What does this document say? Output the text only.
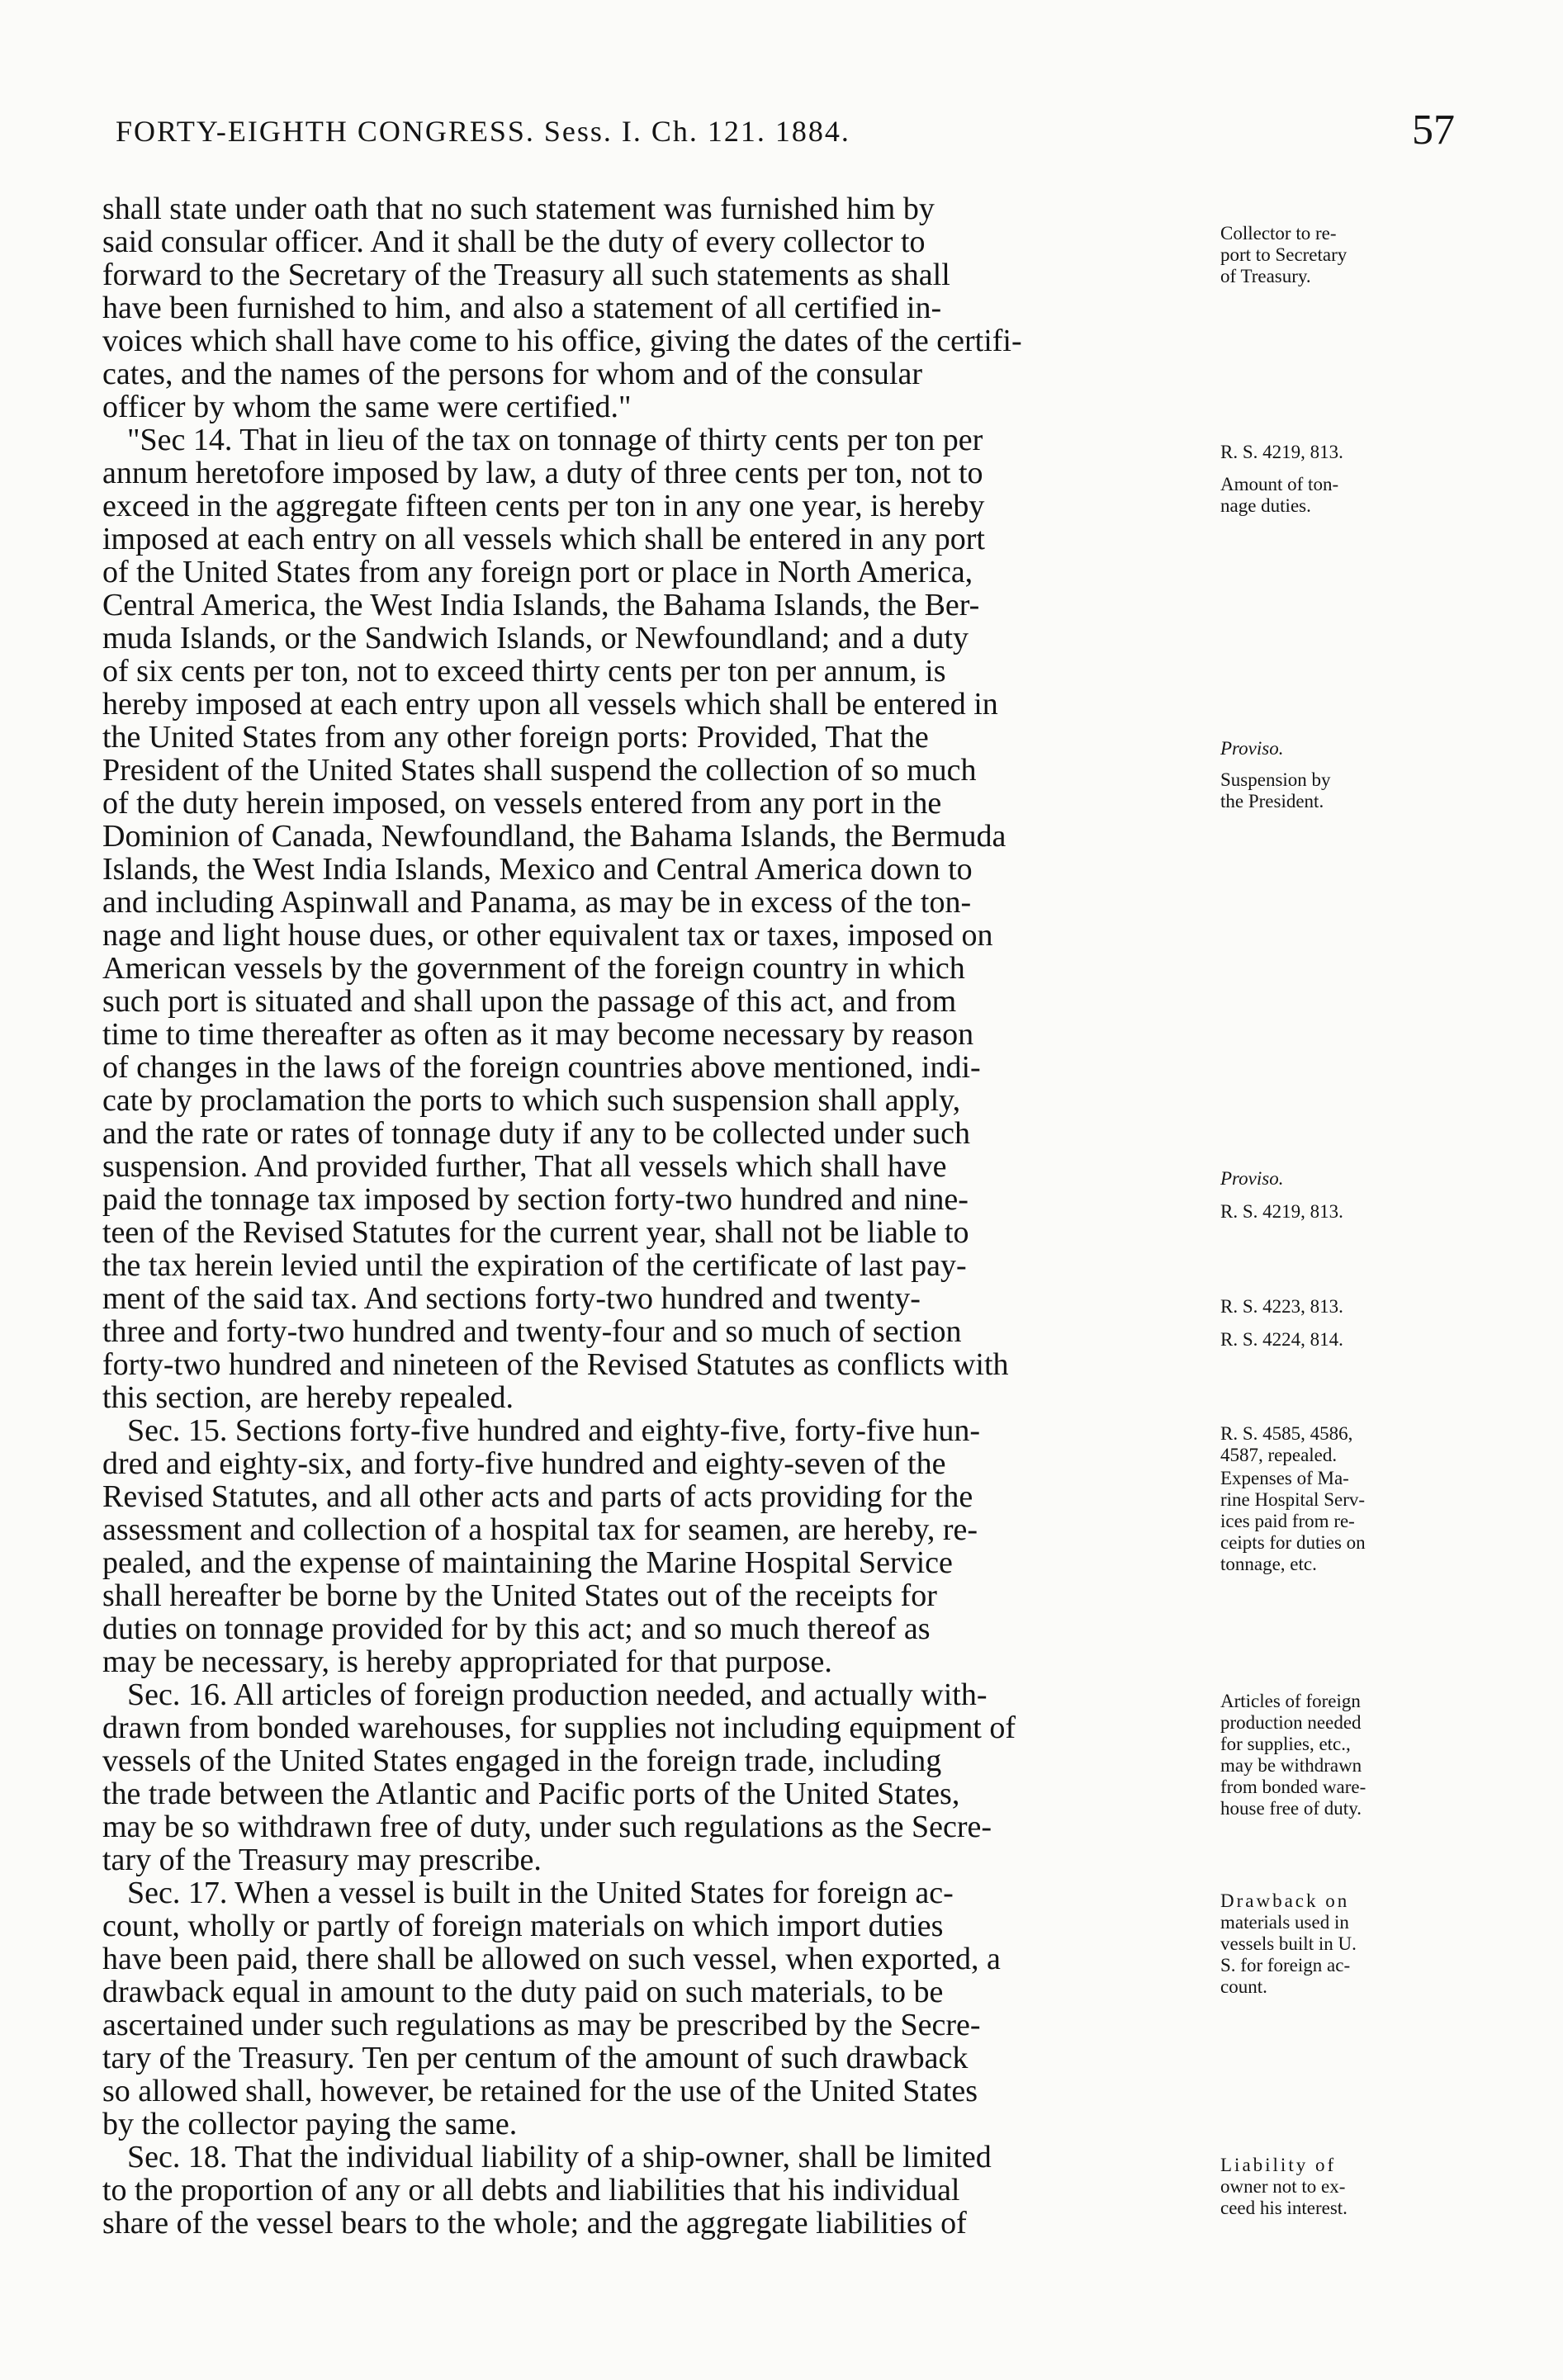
FORTY-EIGHTH CONGRESS. Sess. I. Ch. 121. 1884.	57
shall state under oath that no such statement was furnished him by
said consular officer. And it shall be the duty of every collector to
forward to the Secretary of the Treasury all such statements as shall
have been furnished to him, and also a statement of all certified in-
voices which shall have come to his office, giving the dates of the certifi-
cates, and the names of the persons for whom and of the consular
officer by whom the same were certified."
"Sec 14. That in lieu of the tax on tonnage of thirty cents per ton per
annum heretofore imposed by law, a duty of three cents per ton, not to
exceed in the aggregate fifteen cents per ton in any one year, is hereby
imposed at each entry on all vessels which shall be entered in any port
of the United States from any foreign port or place in North America,
Central America, the West India Islands, the Bahama Islands, the Ber-
muda Islands, or the Sandwich Islands, or Newfoundland; and a duty
of six cents per ton, not to exceed thirty cents per ton per annum, is
hereby imposed at each entry upon all vessels which shall be entered in
the United States from any other foreign ports: Provided, That the
President of the United States shall suspend the collection of so much
of the duty herein imposed, on vessels entered from any port in the
Dominion of Canada, Newfoundland, the Bahama Islands, the Bermuda
Islands, the West India Islands, Mexico and Central America down to
and including Aspinwall and Panama, as may be in excess of the ton-
nage and light house dues, or other equivalent tax or taxes, imposed on
American vessels by the government of the foreign country in which
such port is situated and shall upon the passage of this act, and from
time to time thereafter as often as it may become necessary by reason
of changes in the laws of the foreign countries above mentioned, indi-
cate by proclamation the ports to which such suspension shall apply,
and the rate or rates of tonnage duty if any to be collected under such
suspension. And provided further, That all vessels which shall have
paid the tonnage tax imposed by section forty-two hundred and nine-
teen of the Revised Statutes for the current year, shall not be liable to
the tax herein levied until the expiration of the certificate of last pay-
ment of the said tax. And sections forty-two hundred and twenty-
three and forty-two hundred and twenty-four and so much of section
forty-two hundred and nineteen of the Revised Statutes as conflicts with
this section, are hereby repealed.
Sec. 15. Sections forty-five hundred and eighty-five, forty-five hun-
dred and eighty-six, and forty-five hundred and eighty-seven of the
Revised Statutes, and all other acts and parts of acts providing for the
assessment and collection of a hospital tax for seamen, are hereby, re-
pealed, and the expense of maintaining the Marine Hospital Service
shall hereafter be borne by the United States out of the receipts for
duties on tonnage provided for by this act; and so much thereof as
may be necessary, is hereby appropriated for that purpose.
Sec. 16. All articles of foreign production needed, and actually with-
drawn from bonded warehouses, for supplies not including equipment of
vessels of the United States engaged in the foreign trade, including
the trade between the Atlantic and Pacific ports of the United States,
may be so withdrawn free of duty, under such regulations as the Secre-
tary of the Treasury may prescribe.
Sec. 17. When a vessel is built in the United States for foreign ac-
count, wholly or partly of foreign materials on which import duties
have been paid, there shall be allowed on such vessel, when exported, a
drawback equal in amount to the duty paid on such materials, to be
ascertained under such regulations as may be prescribed by the Secre-
tary of the Treasury. Ten per centum of the amount of such drawback
so allowed shall, however, be retained for the use of the United States
by the collector paying the same.
Sec. 18. That the individual liability of a ship-owner, shall be limited
to the proportion of any or all debts and liabilities that his individual
share of the vessel bears to the whole; and the aggregate liabilities of
Collector to re-
port to Secretary
of Treasury.
R. S. 4219, 813.
Amount of ton-
nage duties.
Proviso.
Suspension by
the President.
Proviso.
R. S. 4219, 813.
R. S. 4223, 813.
R. S. 4224, 814.
R. S. 4585, 4586,
4587, repealed.
Expenses of Ma-
rine Hospital Serv-
ices paid from re-
ceipts for duties on
tonnage, etc.
Articles of foreign
production needed
for supplies, etc.,
may be withdrawn
from bonded ware-
house free of duty.
Drawback on
materials used in
vessels built in U.
S. for foreign ac-
count.
Liability of
owner not to ex-
ceed his interest.
